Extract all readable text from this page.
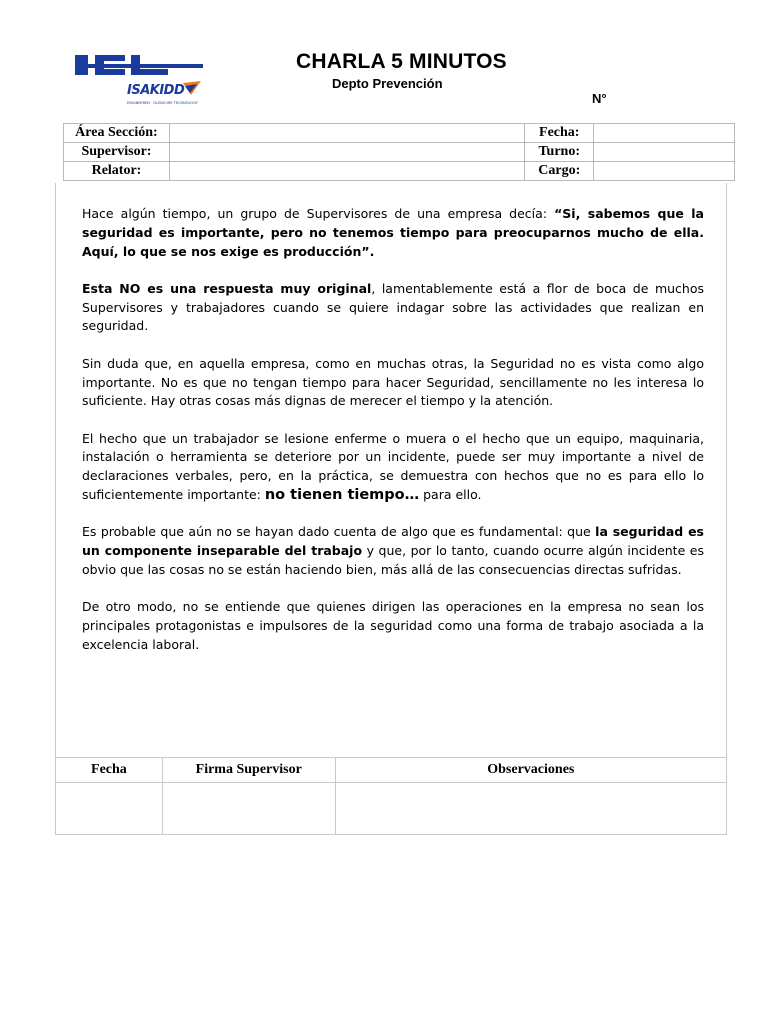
ISAKIDD
ENGINEERED · GLENCORE TECHNOLOGY
CHARLA 5 MINUTOS
Depto Prevención
N°
Área Sección:		Fecha:	
Supervisor:		Turno:	
Relator:		Cargo:	

Hace algún tiempo, un grupo de Supervisores de una empresa decía: “Si, sabemos que la seguridad es importante, pero no tenemos tiempo para preocuparnos mucho de ella. Aquí, lo que se nos exige es producción”.

Esta NO es una respuesta muy original, lamentablemente está a flor de boca de muchos Supervisores y trabajadores cuando se quiere indagar sobre las actividades que realizan en seguridad.

Sin duda que, en aquella empresa, como en muchas otras, la Seguridad no es vista como algo importante. No es que no tengan tiempo para hacer Seguridad, sencillamente no les interesa lo suficiente. Hay otras cosas más dignas de merecer el tiempo y la atención.

El hecho que un trabajador se lesione enferme o muera o el hecho que un equipo, maquinaria, instalación o herramienta se deteriore por un incidente, puede ser muy importante a nivel de declaraciones verbales, pero, en la práctica, se demuestra con hechos que no es para ello lo suficientemente importante: no tienen tiempo… para ello.

Es probable que aún no se hayan dado cuenta de algo que es fundamental: que la seguridad es un componente inseparable del trabajo y que, por lo tanto, cuando ocurre algún incidente es obvio que las cosas no se están haciendo bien, más allá de las consecuencias directas sufridas.

De otro modo, no se entiende que quienes dirigen las operaciones en la empresa no sean los principales protagonistas e impulsores de la seguridad como una forma de trabajo asociada a la excelencia laboral.

Fecha	Firma Supervisor	Observaciones
